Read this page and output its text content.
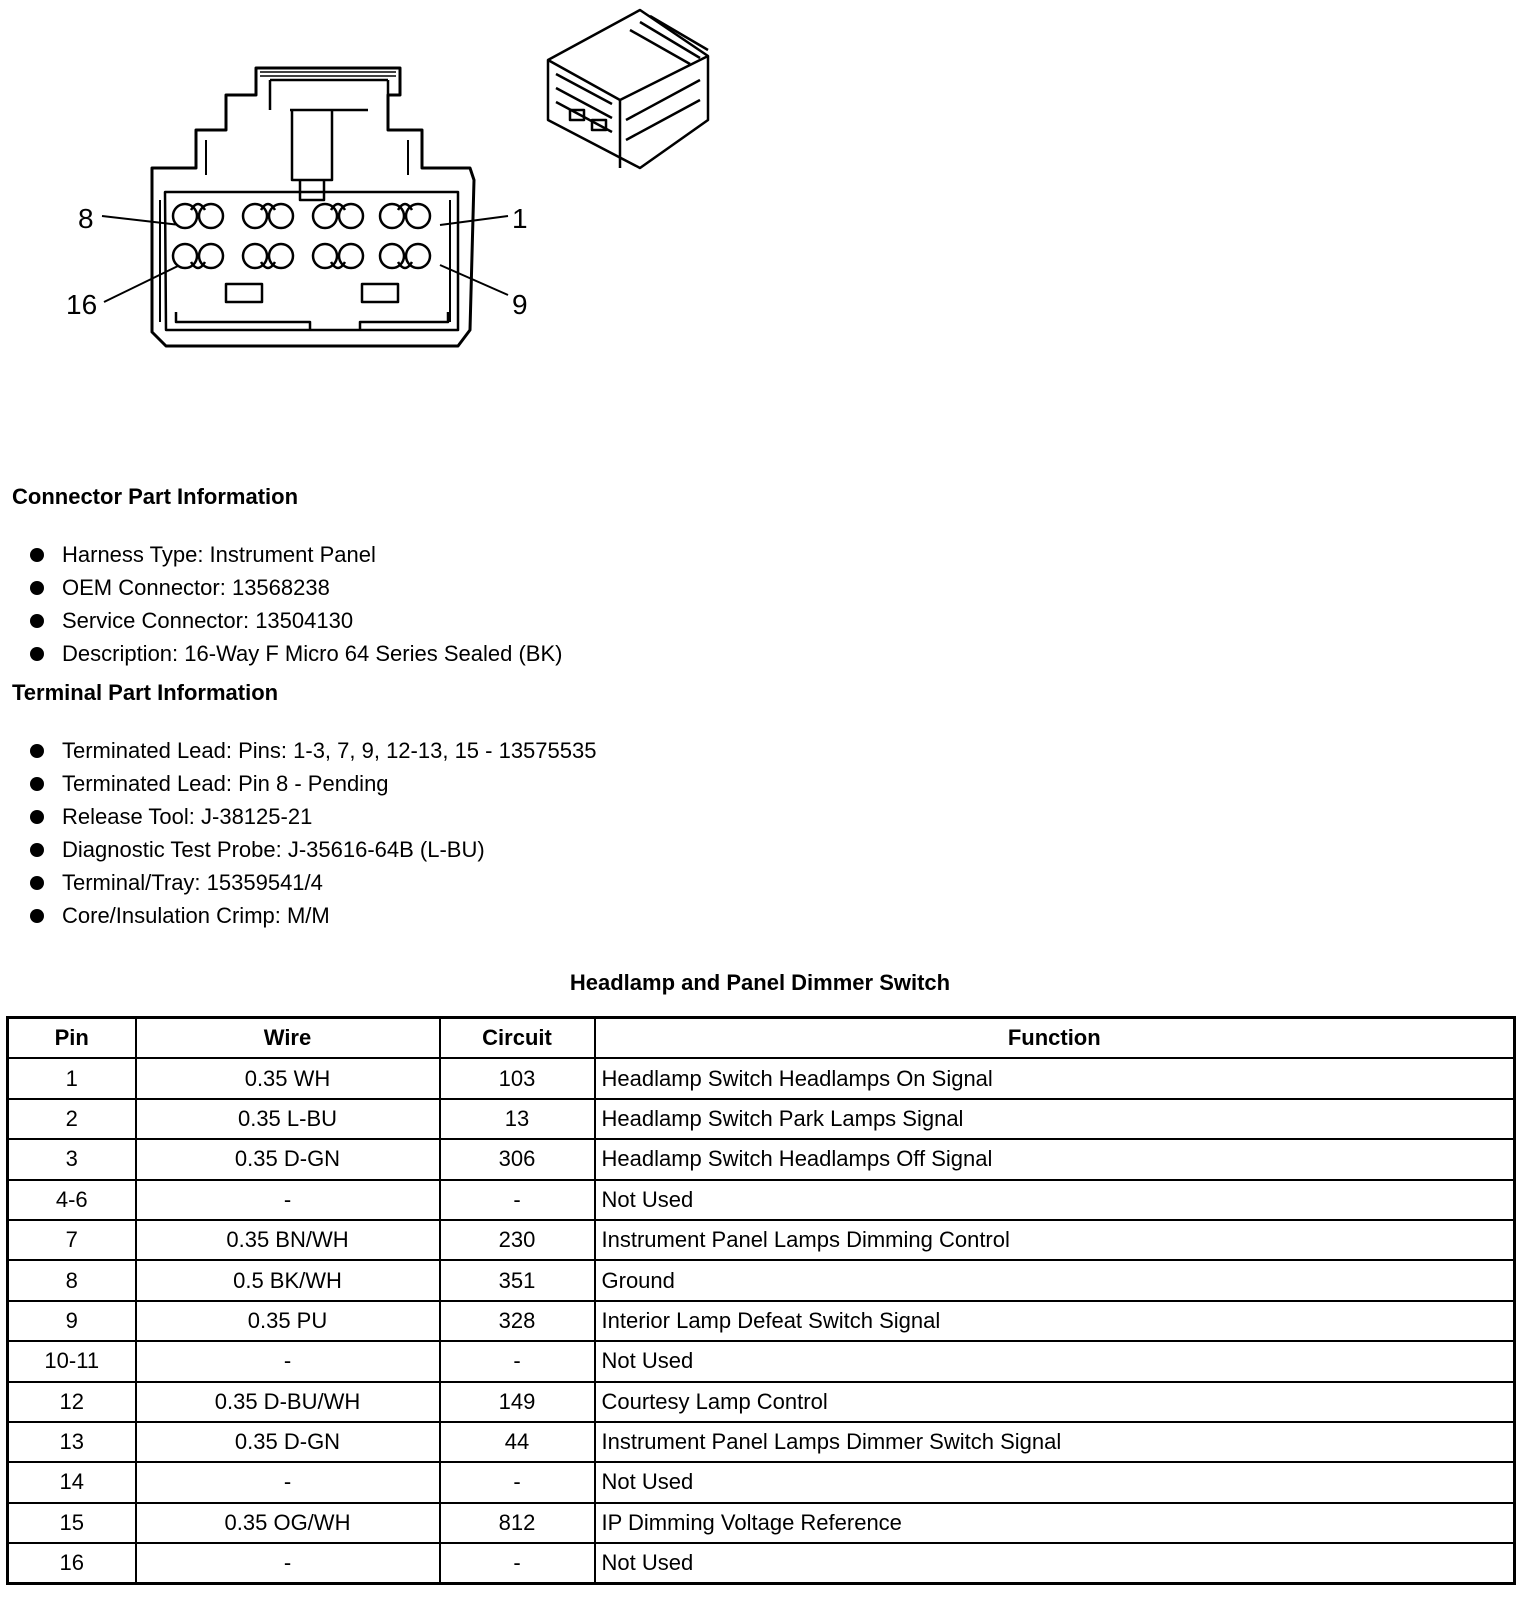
8	1
16	9
Connector Part Information
Harness Type: Instrument Panel
OEM Connector: 13568238
Service Connector: 13504130
Description: 16-Way F Micro 64 Series Sealed (BK)
Terminal Part Information
Terminated Lead: Pins: 1-3, 7, 9, 12-13, 15 - 13575535
Terminated Lead: Pin 8 - Pending
Release Tool: J-38125-21
Diagnostic Test Probe: J-35616-64B (L-BU)
Terminal/Tray: 15359541/4
Core/Insulation Crimp: M/M
Headlamp and Panel Dimmer Switch
Pin	Wire	Circuit	Function
1	0.35 WH	103	Headlamp Switch Headlamps On Signal
2	0.35 L-BU	13	Headlamp Switch Park Lamps Signal
3	0.35 D-GN	306	Headlamp Switch Headlamps Off Signal
4-6	-	-	Not Used
7	0.35 BN/WH	230	Instrument Panel Lamps Dimming Control
8	0.5 BK/WH	351	Ground
9	0.35 PU	328	Interior Lamp Defeat Switch Signal
10-11	-	-	Not Used
12	0.35 D-BU/WH	149	Courtesy Lamp Control
13	0.35 D-GN	44	Instrument Panel Lamps Dimmer Switch Signal
14	-	-	Not Used
15	0.35 OG/WH	812	IP Dimming Voltage Reference
16	-	-	Not Used
